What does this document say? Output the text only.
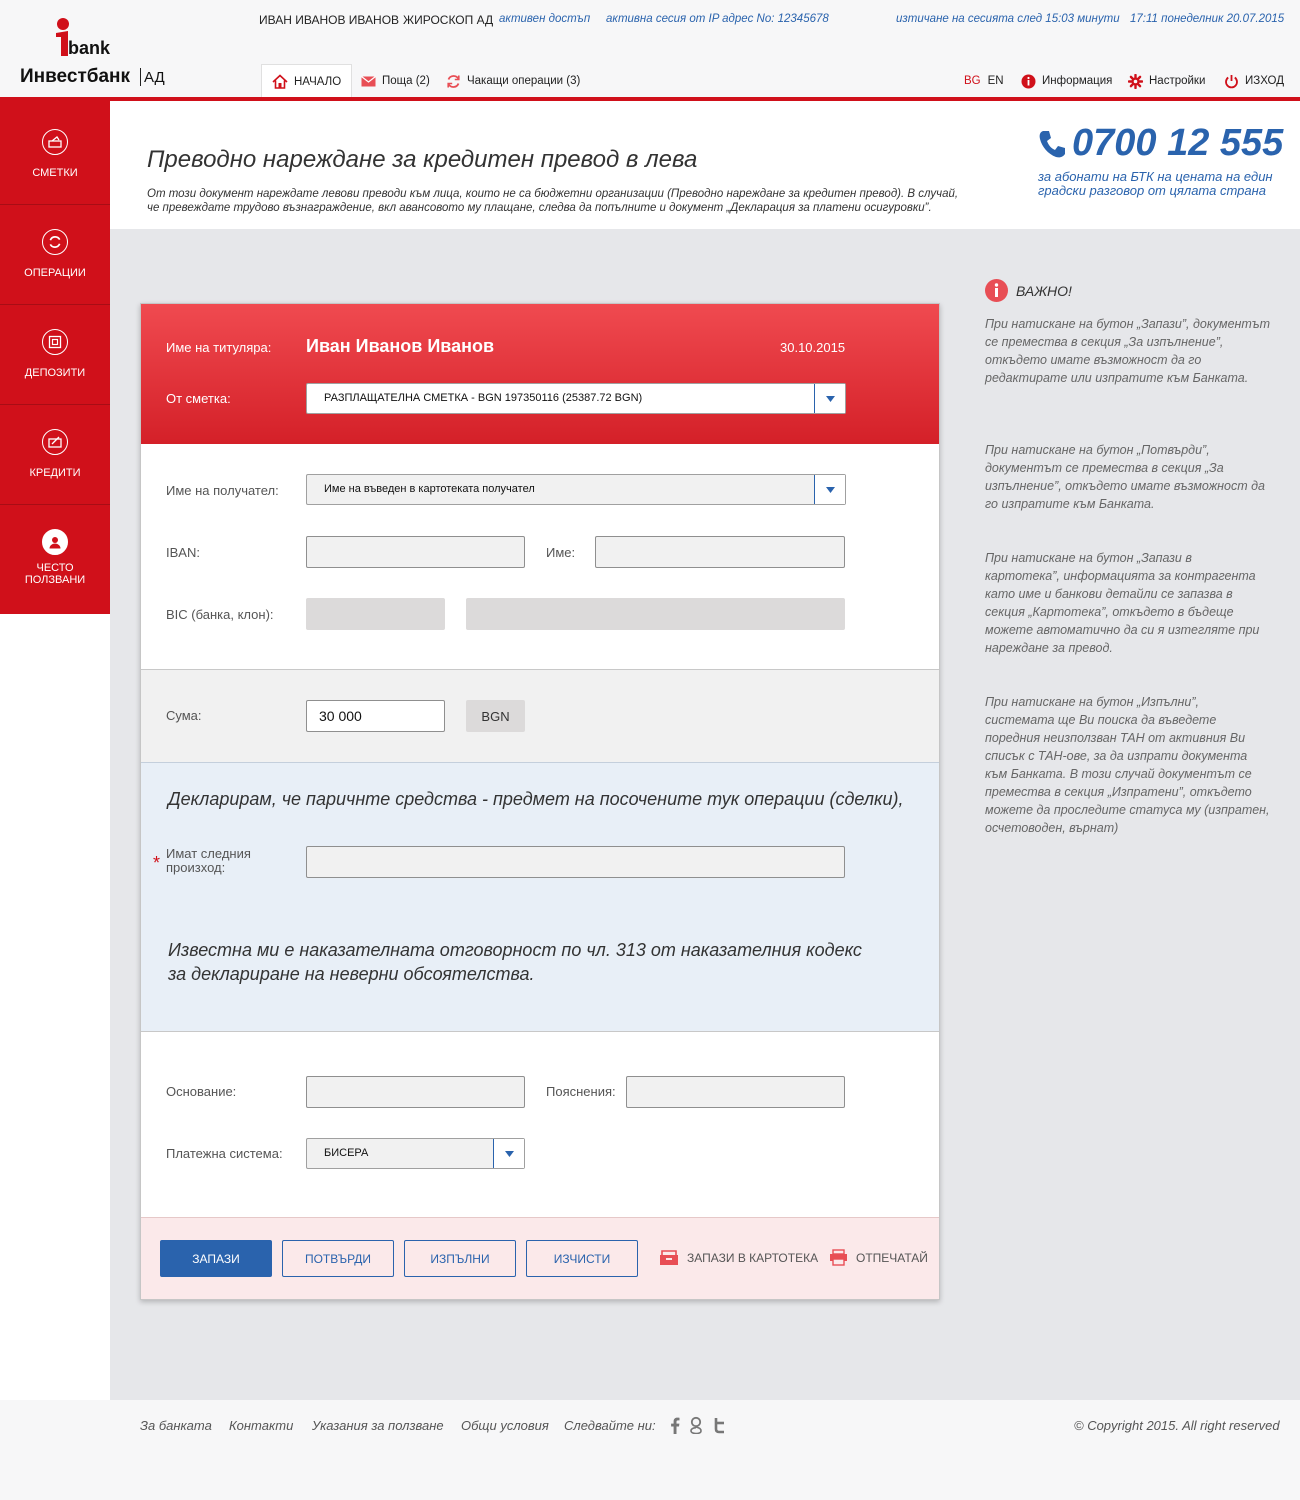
bank
Инвестбанк АД
ИВАН ИВАНОВ ИВАНОВ ЖИРОСКОП АД активен достъп активна сесия от IP адрес No: 12345678	изтичане на сесията след 15:03 минути 17:11 понеделник 20.07.2015
НАЧАЛО	Поща (2)	Чакащи операции (3)	BG EN	Информация	Настройки	ИЗХОД
СМЕТКИ
ОПЕРАЦИИ
ДЕПОЗИТИ
КРЕДИТИ
ЧЕСТО
ПОЛЗВАНИ
Преводно нареждане за кредитен превод в лева
От този документ нареждате левови преводи към лица, които не са бюджетни организации (Преводно нареждане за кредитен превод). В случай,
че превеждате трудово възнаграждение, вкл авансовото му плащане, следва да попълните и документ „Декларация за платени осигуровки”.
0700 12 555
за абонати на БТК на цената на един градски разговор от цялата страна
Име на титуляра: Иван Иванов Иванов	30.10.2015
От сметка:	РАЗПЛАЩАТЕЛНА СМЕТКА - BGN 197350116 (25387.72 BGN)
Име на получател:	Име на въведен в картотеката получател
IBAN:	Име:
BIC (банка, клон):
Сума:	30 000	BGN
Декларирам, че паричнте средства - предмет на посочените тук операции (сделки),
* Имат следния
произход:
Известна ми е наказателната отговорност по чл. 313 от наказателния кодекс
за деклариране на неверни обсоятелства.
Основание:	Пояснения:
Платежна система:	БИСЕРА
ЗАПАЗИ	ПОТВЪРДИ	ИЗПЪЛНИ	ИЗЧИСТИ	ЗАПАЗИ В КАРТОТЕКА	ОТПЕЧАТАЙ
ВАЖНО!
При натискане на бутон „Запази”, документът се премества в секция „За изпълнение”, откъдето имате възможност да го редактирате или изпратите към Банката.
При натискане на бутон „Потвърди”, документът се премества в секция „За изпълнение”, откъдето имате възможност да го изпратите към Банката.
При натискане на бутон „Запази в картотека”, информацията за контрагента като име и банкови детайли се запазва в секция „Картотека”, откъдето в бъдеще можете автоматично да си я изтегляте при нареждане за превод.
При натискане на бутон „Изпълни”, системата ще Ви поиска да въведете поредния неизползван ТАН от активния Ви списък с ТАН-ове, за да изпрати документа към Банката. В този случай документът се премества в секция „Изпратени”, откъдето можете да проследите статуса му (изпратен, осчетоводен, върнат)
За банката Контакти Указания за ползване Общи условия Следвайте ни:	© Copyright 2015. All right reserved
